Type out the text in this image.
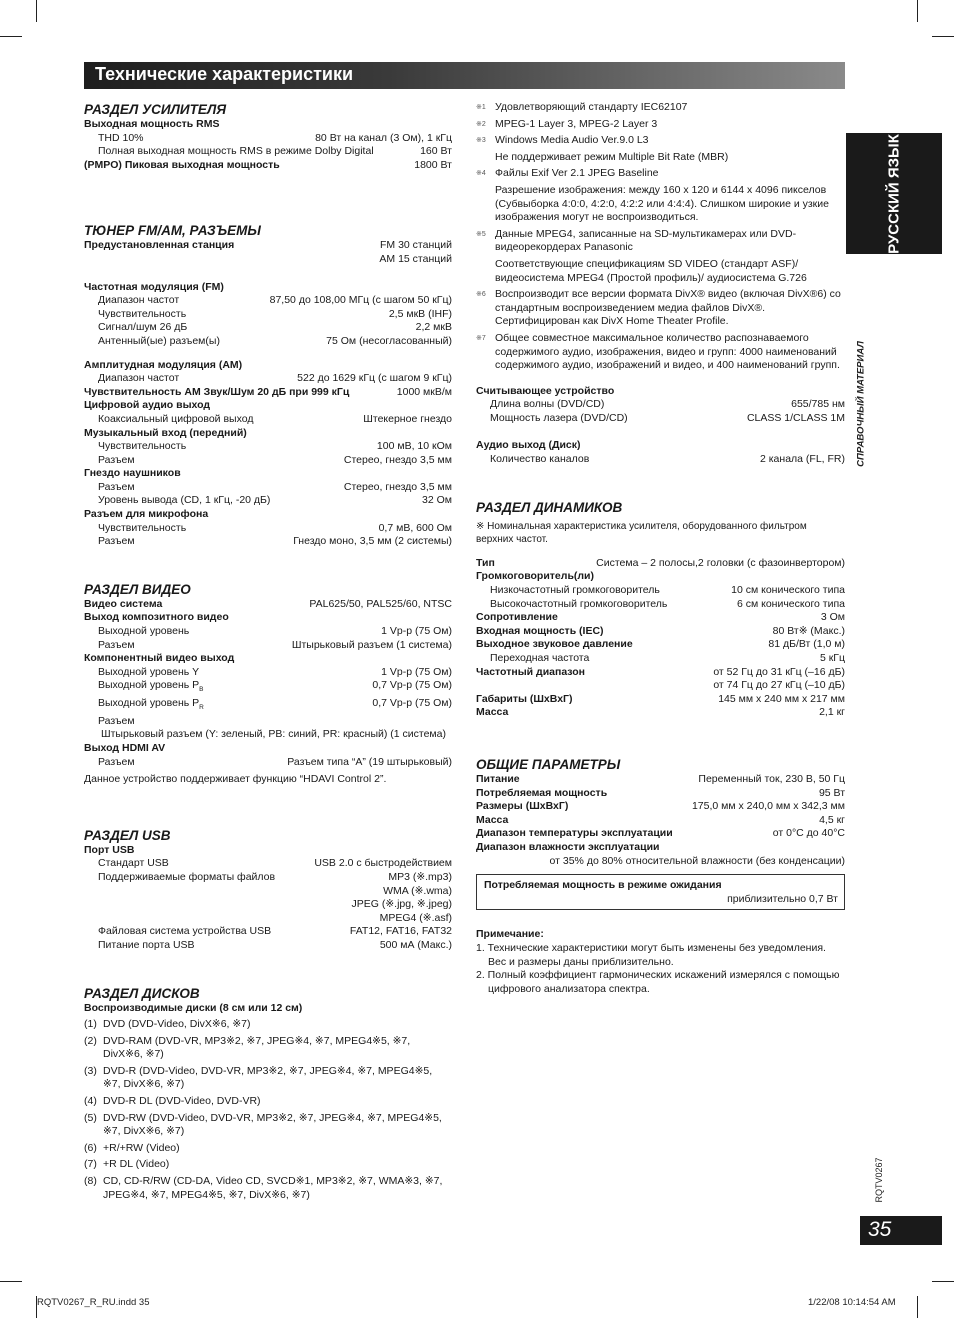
Технические характеристики
РУССКИЙ ЯЗЫК
СПРАВОЧНЫЙ МАТЕРИАЛ
RQTV0267
35
RQTV0267_R_RU.indd 35	1/22/08 10:14:54 AM
РАЗДЕЛ УСИЛИТЕЛЯ
Выходная мощность RMS
THD 10%	80 Вт на канал (3 Ом), 1 кГц
Полная выходная мощность RMS в режиме Dolby Digital	160 Вт
(PMPO) Пиковая выходная мощность	1800 Вт
ТЮНЕР FM/AM, РАЗЪЕМЫ
Предустановленная станция	FM 30 станций
AM 15 станций
Частотная модуляция (FM)
Диапазон частот	87,50 до 108,00 МГц (с шагом 50 кГц)
Чувствительность	2,5 мкВ (IHF)
Сигнал/шум 26 дБ	2,2 мкВ
Антенный(ые) разъем(ы)	75 Ом (несогласованный)
Амплитудная модуляция (AM)
Диапазон частот	522 до 1629 кГц (с шагом 9 кГц)
Чувствительность AM Звук/Шум 20 дБ при 999 кГц	1000 мкВ/м
Цифровой аудио выход
Коаксиальный цифровой выход	Штекерное гнездо
Музыкальный вход (передний)
Чувствительность	100 мВ, 10 кОм
Разъем	Стерео, гнездо 3,5 мм
Гнездо наушников
Разъем	Стерео, гнездо 3,5 мм
Уровень вывода (CD, 1 кГц, -20 дБ)	32 Ом
Разъем для микрофона
Чувствительность	0,7 мВ, 600 Ом
Разъем	Гнездо моно, 3,5 мм (2 системы)
РАЗДЕЛ ВИДЕО
Видео система	PAL625/50, PAL525/60, NTSC
Выход композитного видео
Выходной уровень	1 Vp-p (75 Ом)
Разъем	Штырьковый разъем (1 система)
Компонентный видео выход
Выходной уровень Y	1 Vp-p (75 Ом)
Выходной уровень $P_B$	0,7 Vp-p (75 Ом)
Выходной уровень $P_R$	0,7 Vp-p (75 Ом)
Разъем
Штырьковый разъем (Y: зеленый, PB: синий, PR: красный) (1 система)
Выход HDMI AV
Разъем	Разъем типа “A” (19 штырьковый)
Данное устройство поддерживает функцию “HDAVI Control 2”.
РАЗДЕЛ USB
Порт USB
Стандарт USB	USB 2.0 с быстродействием
Поддерживаемые форматы файлов	MP3 (※.mp3)
WMA (※.wma)
JPEG (※.jpg, ※.jpeg)
MPEG4 (※.asf)
Файловая система устройства USB	FAT12, FAT16, FAT32
Питание порта USB	500 мА (Макс.)
РАЗДЕЛ ДИСКОВ
Воспроизводимые диски (8 см или 12 см)
(1) DVD (DVD-Video, DivX※6, ※7)
(2) DVD-RAM (DVD-VR, MP3※2, ※7, JPEG※4, ※7, MPEG4※5, ※7, DivX※6, ※7)
(3) DVD-R (DVD-Video, DVD-VR, MP3※2, ※7, JPEG※4, ※7, MPEG4※5, ※7, DivX※6, ※7)
(4) DVD-R DL (DVD-Video, DVD-VR)
(5) DVD-RW (DVD-Video, DVD-VR, MP3※2, ※7, JPEG※4, ※7, MPEG4※5, ※7, DivX※6, ※7)
(6) +R/+RW (Video)
(7) +R DL (Video)
(8) CD, CD-R/RW (CD-DA, Video CD, SVCD※1, MP3※2, ※7, WMA※3, ※7, JPEG※4, ※7, MPEG4※5, ※7, DivX※6, ※7)
※1 Удовлетворяющий стандарту IEC62107
※2 MPEG-1 Layer 3, MPEG-2 Layer 3
※3 Windows Media Audio Ver.9.0 L3
Не поддерживает режим Multiple Bit Rate (MBR)
※4 Файлы Exif Ver 2.1 JPEG Baseline
Разрешение изображения: между 160 x 120 и 6144 x 4096 пикселов (Субвыборка 4:0:0, 4:2:0, 4:2:2 или 4:4:4). Слишком широкие и узкие изображения могут не воспроизводиться.
※5 Данные MPEG4, записанные на SD-мультикамерах или DVD-видеорекордерах Panasonic
Соответствующие спецификациям SD VIDEO (стандарт ASF)/ видеосистема MPEG4 (Простой профиль)/ аудиосистема G.726
※6 Воспроизводит все версии формата DivX® видео (включая DivX®6) со стандартным воспроизведением медиа файлов DivX®. Сертифицирован как DivX Home Theater Profile.
※7 Общее совместное максимальное количество распознаваемого содержимого аудио, изображения, видео и групп: 4000 наименований содержимого аудио, изображений и видео, и 400 наименований групп.
Считывающее устройство
Длина волны (DVD/CD)	655/785 нм
Мощность лазера (DVD/CD)	CLASS 1/CLASS 1M
Аудио выход (Диск)
Количество каналов	2 канала (FL, FR)
РАЗДЕЛ ДИНАМИКОВ
※ Номинальная характеристика усилителя, оборудованного фильтром верхних частот.
Тип	Система – 2 полосы,2 головки (с фазоинвертором)
Громкоговоритель(ли)
Низкочастотный громкоговоритель	10 см конического типа
Высокочастотный громкоговоритель	6 см конического типа
Сопротивление	3 Ом
Входная мощность (IEC)	80 Вт※ (Макс.)
Выходное звуковое давление	81 дБ/Вт (1,0 м)
Переходная частота	5 кГц
Частотный диапазон	от 52 Гц до 31 кГц (–16 дБ)
от 74 Гц до 27 кГц (–10 дБ)
Габариты (ШхВхГ)	145 мм x 240 мм x 217 мм
Масса	2,1 кг
ОБЩИЕ ПАРАМЕТРЫ
Питание	Переменный ток, 230 В, 50 Гц
Потребляемая мощность	95 Вт
Размеры (ШхВхГ)	175,0 мм x 240,0 мм x 342,3 мм
Масса	4,5 кг
Диапазон температуры эксплуатации	от 0°C до 40°C
Диапазон влажности эксплуатации
от 35% до 80% относительной влажности (без конденсации)
Потребляемая мощность в режиме ожидания
приблизительно 0,7 Вт
Примечание:
1. Технические характеристики могут быть изменены без уведомления. Вес и размеры даны приблизительно.
2. Полный коэффициент гармонических искажений измерялся с помощью цифрового анализатора спектра.
